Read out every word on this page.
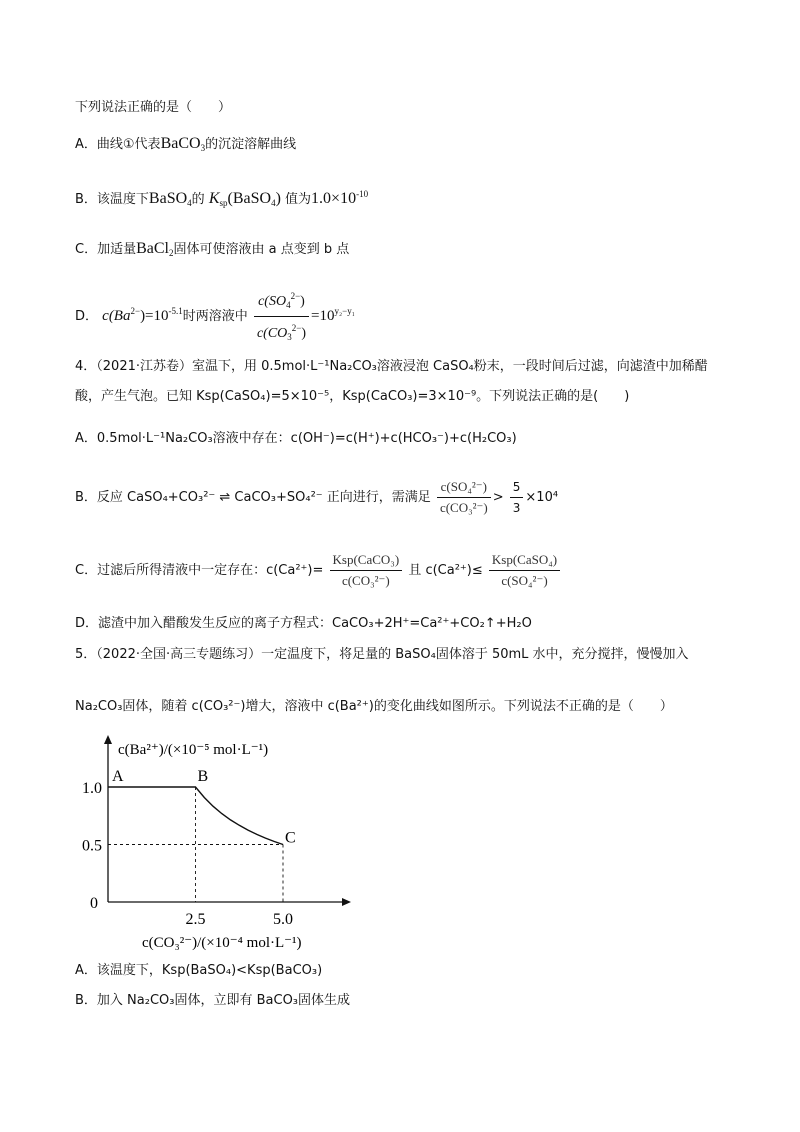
下列说法正确的是（　　）
A．曲线①代表BaCO$_3$的沉淀溶解曲线
B．该温度下BaSO$_4$的 $K_{sp}(BaSO_4)$ 值为$1.0\times 10^{-10}$
C．加适量BaCl$_2$固体可使溶液由 a 点变到 b 点
D． $c(Ba^{2-})=10^{-5.1}$时两溶液中 $\frac{c(SO_4^{2-})}{c(CO_3^{2-})} =10^{y_2-y_1}$
4．（2021·江苏卷）室温下，用 0.5mol·L⁻¹Na₂CO₃溶液浸泡 CaSO₄粉末，一段时间后过滤，向滤渣中加稀醋
酸，产生气泡。已知 Ksp(CaSO₄)=5×10⁻⁵，Ksp(CaCO₃)=3×10⁻⁹。下列说法正确的是(　　)
A．0.5mol·L⁻¹Na₂CO₃溶液中存在：c(OH⁻)=c(H⁺)+c(HCO₃⁻)+c(H₂CO₃)
B．反应 CaSO₄+CO₃²⁻ ⇌ CaCO₃+SO₄²⁻ 正向进行，需满足 $\frac{\text{c(SO₄²⁻)}}{\text{c(CO₃²⁻)}} > \frac{5}{3} \times 10^4$
C．过滤后所得清液中一定存在：$c(Ca^{2+})= \frac{\text{Ksp(CaCO₃)}}{\text{c(CO₃²⁻)}}$ 且 $c(Ca^{2+})\le \frac{\text{Ksp(CaSO₄)}}{\text{c(SO₄²⁻)}}$
D．滤渣中加入醋酸发生反应的离子方程式：CaCO₃+2H⁺=Ca²⁺+CO₂↑+H₂O
5．（2022·全国·高三专题练习）一定温度下，将足量的 BaSO₄固体溶于 50mL 水中，充分搅拌，慢慢加入
Na₂CO₃固体，随着 c(CO₃²⁻)增大，溶液中 c(Ba²⁺)的变化曲线如图所示。下列说法不正确的是（　　）
A	B
C
1.0
0.5
0
2.5	5.0
c(Ba²⁺)/(×10⁻⁵ mol·L⁻¹)
c(CO₃²⁻)/(×10⁻⁴ mol·L⁻¹)
A．该温度下，Ksp(BaSO₄)<Ksp(BaCO₃)
B．加入 Na₂CO₃固体，立即有 BaCO₃固体生成
